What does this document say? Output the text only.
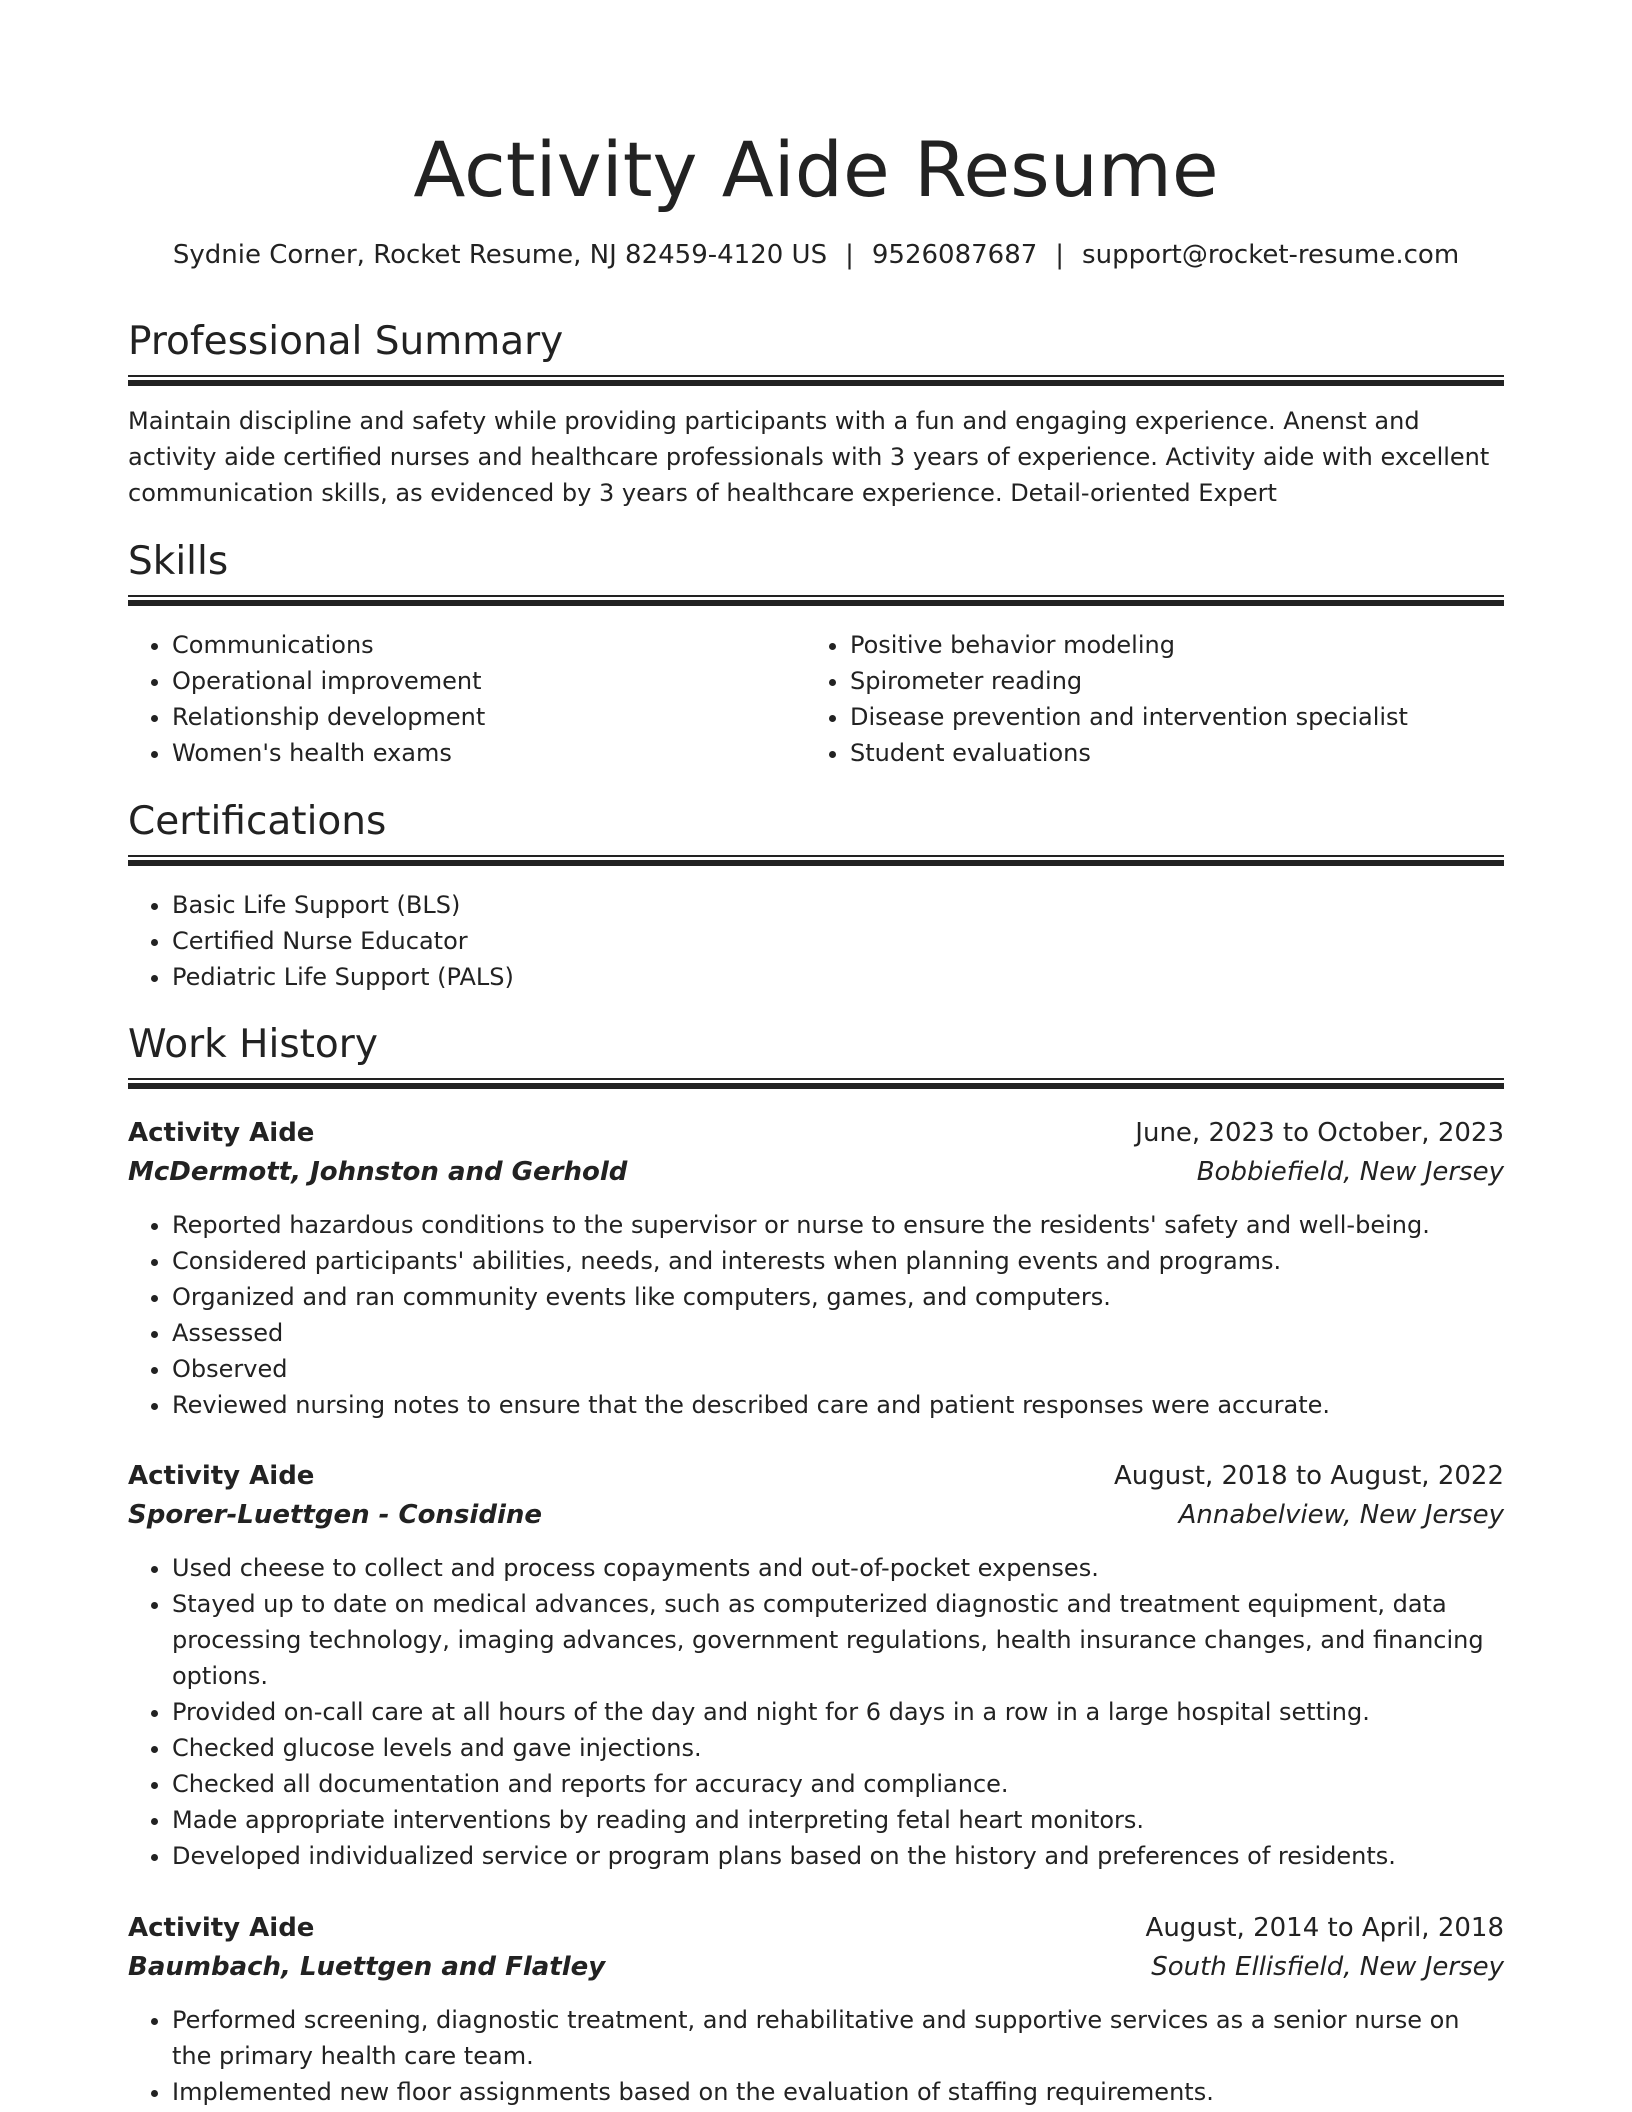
Activity Aide Resume
Sydnie Corner, Rocket Resume, NJ 82459-4120 US | 9526087687 | support@rocket-resume.com
Professional Summary

Maintain discipline and safety while providing participants with a fun and engaging experience. Anenst and activity aide certified nurses and healthcare professionals with 3 years of experience. Activity aide with excellent communication skills, as evidenced by 3 years of healthcare experience. Detail-oriented Expert

Skills
• Communications
• Operational improvement
• Relationship development
• Women's health exams
• Positive behavior modeling
• Spirometer reading
• Disease prevention and intervention specialist
• Student evaluations
Certifications
• Basic Life Support (BLS)
• Certified Nurse Educator
• Pediatric Life Support (PALS)
Work History
Activity Aide	June, 2023 to October, 2023
McDermott, Johnston and Gerhold	Bobbiefield, New Jersey
• Reported hazardous conditions to the supervisor or nurse to ensure the residents' safety and well-being.
• Considered participants' abilities, needs, and interests when planning events and programs.
• Organized and ran community events like computers, games, and computers.
• Assessed
• Observed
• Reviewed nursing notes to ensure that the described care and patient responses were accurate.
Activity Aide	August, 2018 to August, 2022
Sporer-Luettgen - Considine	Annabelview, New Jersey
• Used cheese to collect and process copayments and out-of-pocket expenses.
• Stayed up to date on medical advances, such as computerized diagnostic and treatment equipment, data processing technology, imaging advances, government regulations, health insurance changes, and financing options.
• Provided on-call care at all hours of the day and night for 6 days in a row in a large hospital setting.
• Checked glucose levels and gave injections.
• Checked all documentation and reports for accuracy and compliance.
• Made appropriate interventions by reading and interpreting fetal heart monitors.
• Developed individualized service or program plans based on the history and preferences of residents.
Activity Aide	August, 2014 to April, 2018
Baumbach, Luettgen and Flatley	South Ellisfield, New Jersey
• Performed screening, diagnostic treatment, and rehabilitative and supportive services as a senior nurse on the primary health care team.
• Implemented new floor assignments based on the evaluation of staffing requirements.
